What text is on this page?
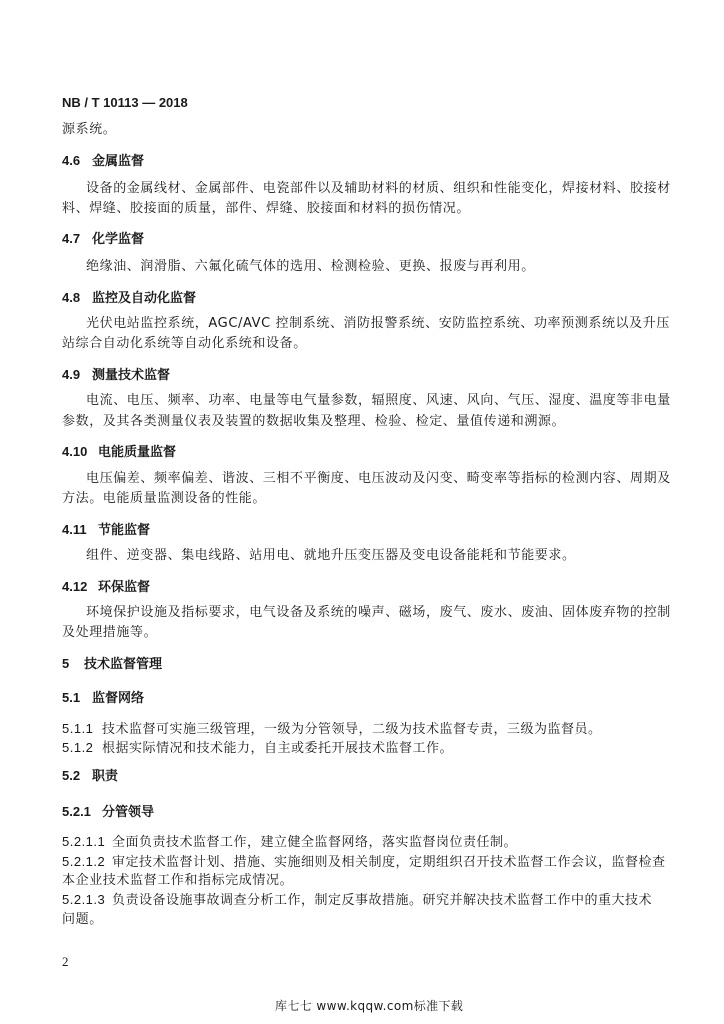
NB / T 10113 — 2018
源系统。
4.6 金属监督
设备的金属线材、金属部件、电瓷部件以及辅助材料的材质、组织和性能变化，焊接材料、胶接材
料、焊缝、胶接面的质量，部件、焊缝、胶接面和材料的损伤情况。
4.7 化学监督
绝缘油、润滑脂、六氟化硫气体的选用、检测检验、更换、报废与再利用。
4.8 监控及自动化监督
光伏电站监控系统，AGC/AVC 控制系统、消防报警系统、安防监控系统、功率预测系统以及升压
站综合自动化系统等自动化系统和设备。
4.9 测量技术监督
电流、电压、频率、功率、电量等电气量参数，辐照度、风速、风向、气压、湿度、温度等非电量
参数，及其各类测量仪表及装置的数据收集及整理、检验、检定、量值传递和溯源。
4.10 电能质量监督
电压偏差、频率偏差、谐波、三相不平衡度、电压波动及闪变、畸变率等指标的检测内容、周期及
方法。电能质量监测设备的性能。
4.11 节能监督
组件、逆变器、集电线路、站用电、就地升压变压器及变电设备能耗和节能要求。
4.12 环保监督
环境保护设施及指标要求，电气设备及系统的噪声、磁场，废气、废水、废油、固体废弃物的控制
及处理措施等。
5 技术监督管理
5.1 监督网络
5.1.1 技术监督可实施三级管理，一级为分管领导，二级为技术监督专责，三级为监督员。
5.1.2 根据实际情况和技术能力，自主或委托开展技术监督工作。
5.2 职责
5.2.1 分管领导
5.2.1.1 全面负责技术监督工作，建立健全监督网络，落实监督岗位责任制。
5.2.1.2 审定技术监督计划、措施、实施细则及相关制度，定期组织召开技术监督工作会议，监督检查
本企业技术监督工作和指标完成情况。
5.2.1.3 负责设备设施事故调查分析工作，制定反事故措施。研究并解决技术监督工作中的重大技术
问题。
2
库七七 www.kqqw.com标准下载
